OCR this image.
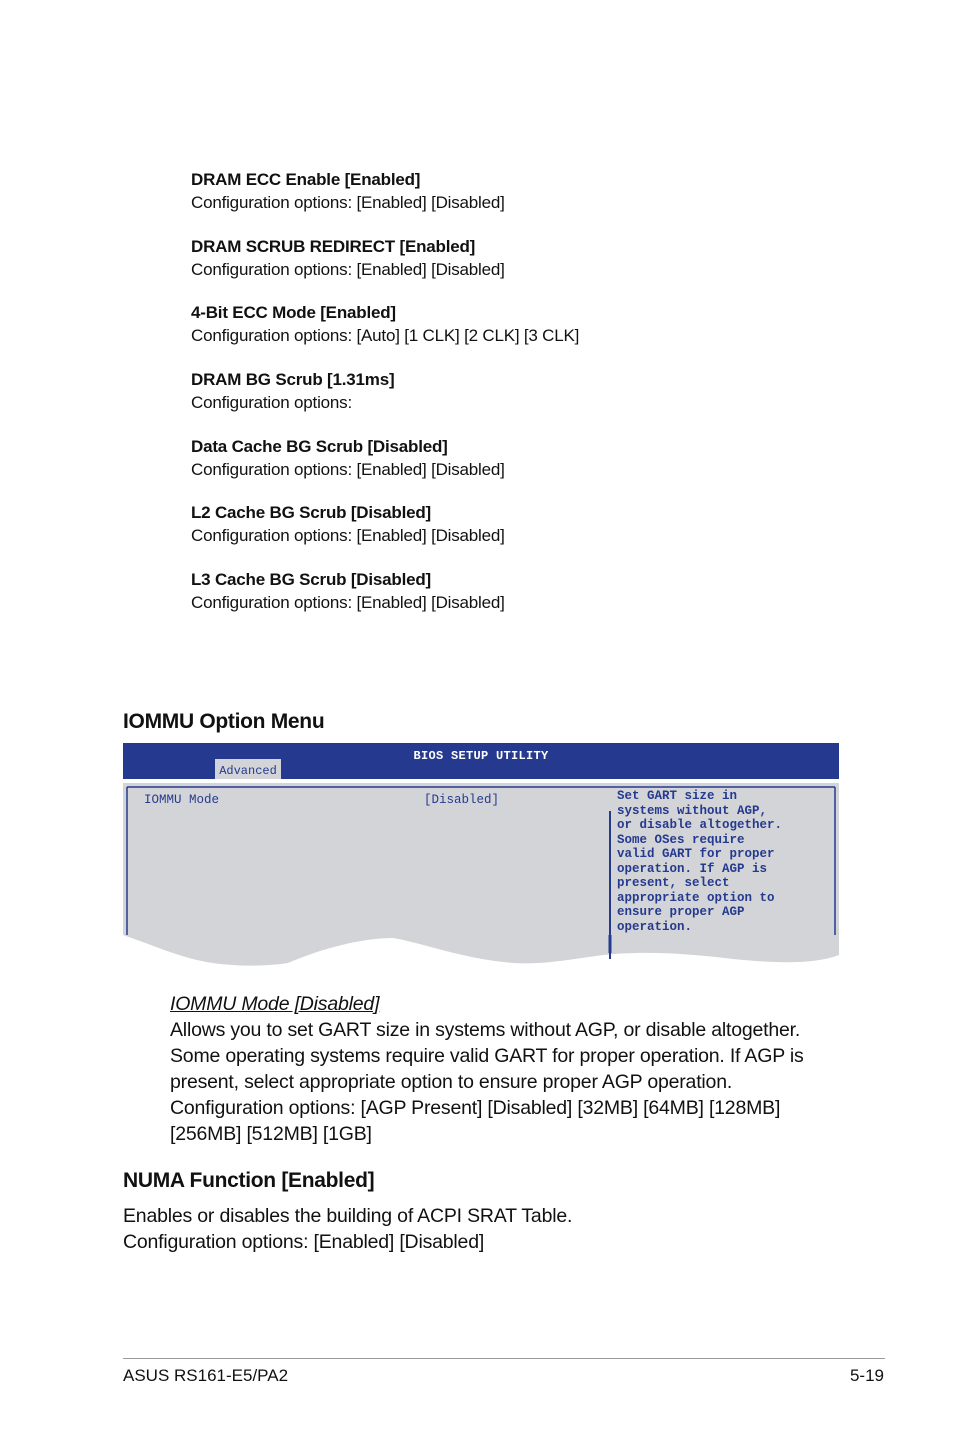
DRAM ECC Enable [Enabled]
Configuration options: [Enabled] [Disabled]
DRAM SCRUB REDIRECT [Enabled]
Configuration options: [Enabled] [Disabled]
4-Bit ECC Mode [Enabled]
Configuration options: [Auto] [1 CLK] [2 CLK] [3 CLK]
DRAM BG Scrub [1.31ms]
Configuration options:
Data Cache BG Scrub [Disabled]
Configuration options: [Enabled] [Disabled]
L2 Cache BG Scrub [Disabled]
Configuration options: [Enabled] [Disabled]
L3 Cache BG Scrub [Disabled]
Configuration options: [Enabled] [Disabled]
IOMMU Option Menu
BIOS SETUP UTILITY
Advanced
IOMMU Mode	[Disabled]	Set GART size in
systems without AGP,
or disable altogether.
Some OSes require
valid GART for proper
operation. If AGP is
present, select
appropriate option to
ensure proper AGP
operation.
IOMMU Mode [Disabled]
Allows you to set GART size in systems without AGP, or disable altogether.
Some operating systems require valid GART for proper operation. If AGP is
present, select appropriate option to ensure proper AGP operation.
Configuration options: [AGP Present] [Disabled] [32MB] [64MB] [128MB]
[256MB] [512MB] [1GB]
NUMA Function [Enabled]
Enables or disables the building of ACPI SRAT Table.
Configuration options: [Enabled] [Disabled]
ASUS RS161-E5/PA2	5-19
